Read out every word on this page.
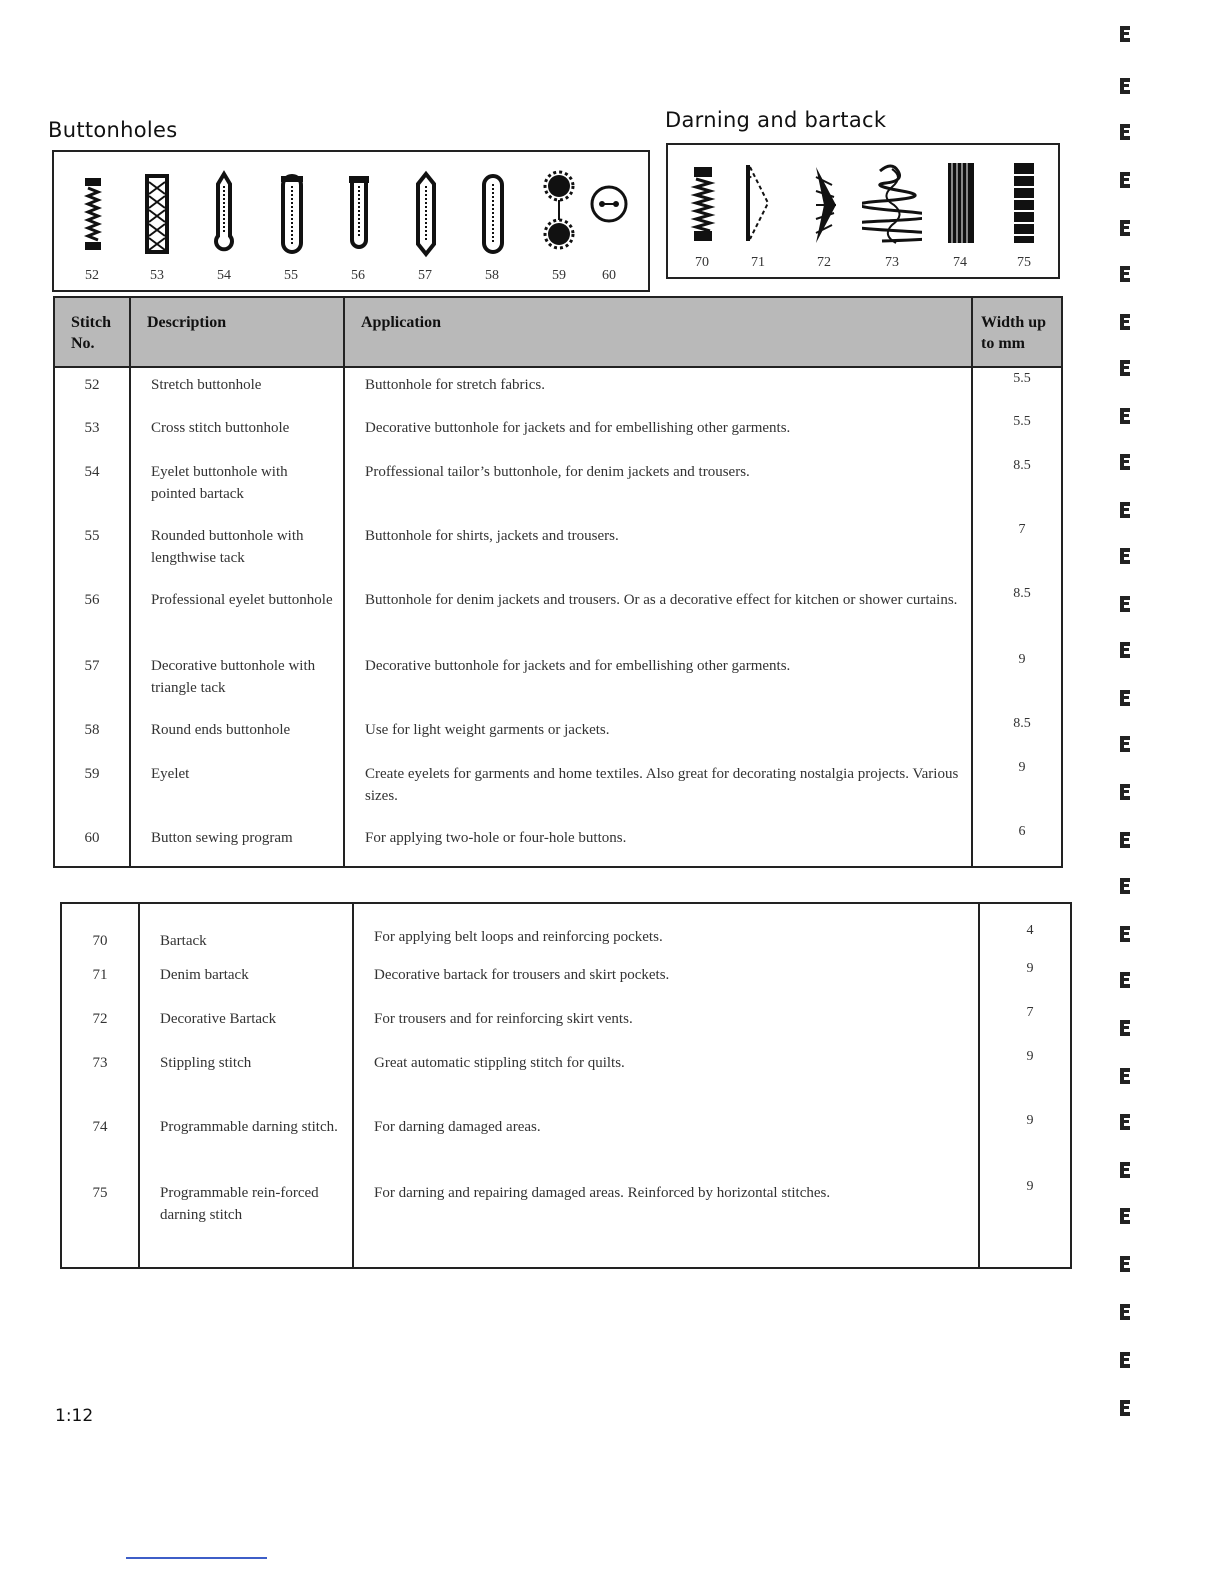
Buttonholes	Darning and bartack
52	53	54	55	56	57	58	59	60
70	71	72	73	74	75
Stitch No.	Description	Application	Width up to mm
52	Stretch buttonhole	Buttonhole for stretch fabrics.	5.5
53	Cross stitch buttonhole	Decorative buttonhole for jackets and for embellishing other garments.	5.5
54	Eyelet buttonhole with pointed bartack	Proffessional tailor’s buttonhole, for denim jackets and trousers.	8.5
55	Rounded buttonhole with lengthwise tack	Buttonhole for shirts, jackets and trousers.	7
56	Professional eyelet buttonhole	Buttonhole for denim jackets and trousers. Or as a decorative effect for kitchen or shower curtains.	8.5
57	Decorative buttonhole with triangle tack	Decorative buttonhole for jackets and for embellishing other garments.	9
58	Round ends buttonhole	Use for light weight garments or jackets.	8.5
59	Eyelet	Create eyelets for garments and home textiles. Also great for decorating nostalgia projects. Various sizes.	9
60	Button sewing program	For applying two-hole or four-hole buttons.	6
70	Bartack	For applying belt loops and reinforcing pockets.	4
71	Denim bartack	Decorative bartack for trousers and skirt pockets.	9
72	Decorative Bartack	For trousers and for reinforcing skirt vents.	7
73	Stippling stitch	Great automatic stippling stitch for quilts.	9
74	Programmable darning stitch.	For darning damaged areas.	9
75	Programmable rein-forced darning stitch	For darning and repairing damaged areas. Reinforced by horizontal stitches.	9
1:12
